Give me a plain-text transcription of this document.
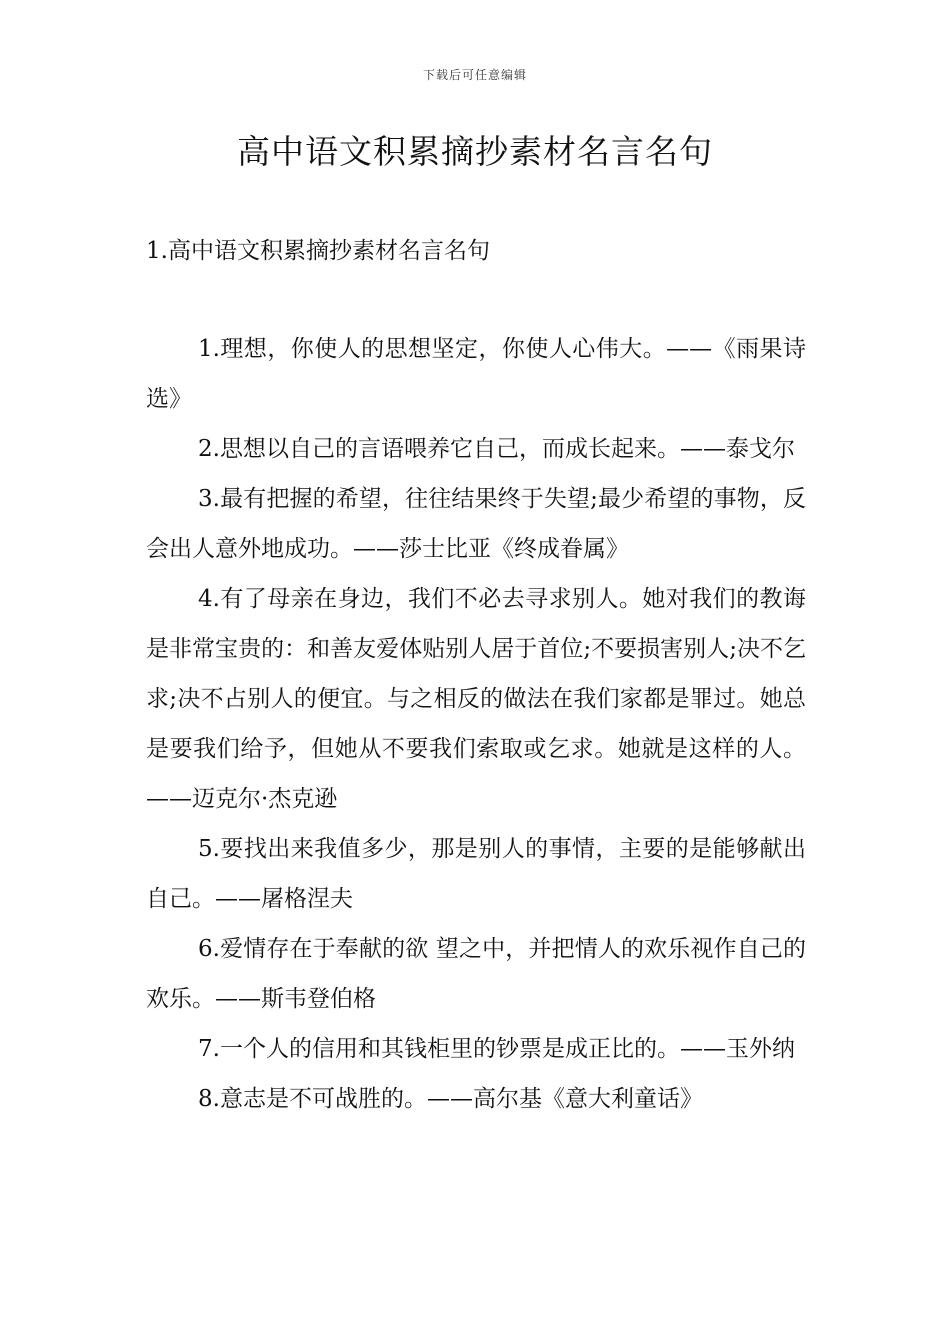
下载后可任意编辑
高中语文积累摘抄素材名言名句
1.高中语文积累摘抄素材名言名句
1.理想，你使人的思想坚定，你使人心伟大。——《雨果诗选》
2.思想以自己的言语喂养它自己，而成长起来。——泰戈尔
3.最有把握的希望，往往结果终于失望;最少希望的事物，反会出人意外地成功。——莎士比亚《终成眷属》
4.有了母亲在身边，我们不必去寻求别人。她对我们的教诲是非常宝贵的：和善友爱体贴别人居于首位;不要损害别人;决不乞求;决不占别人的便宜。与之相反的做法在我们家都是罪过。她总是要我们给予，但她从不要我们索取或乞求。她就是这样的人。——迈克尔·杰克逊
5.要找出来我值多少，那是别人的事情，主要的是能够献出自己。——屠格涅夫
6.爱情存在于奉献的欲 望之中，并把情人的欢乐视作自己的欢乐。——斯韦登伯格
7.一个人的信用和其钱柜里的钞票是成正比的。——玉外纳
8.意志是不可战胜的。——高尔基《意大利童话》
